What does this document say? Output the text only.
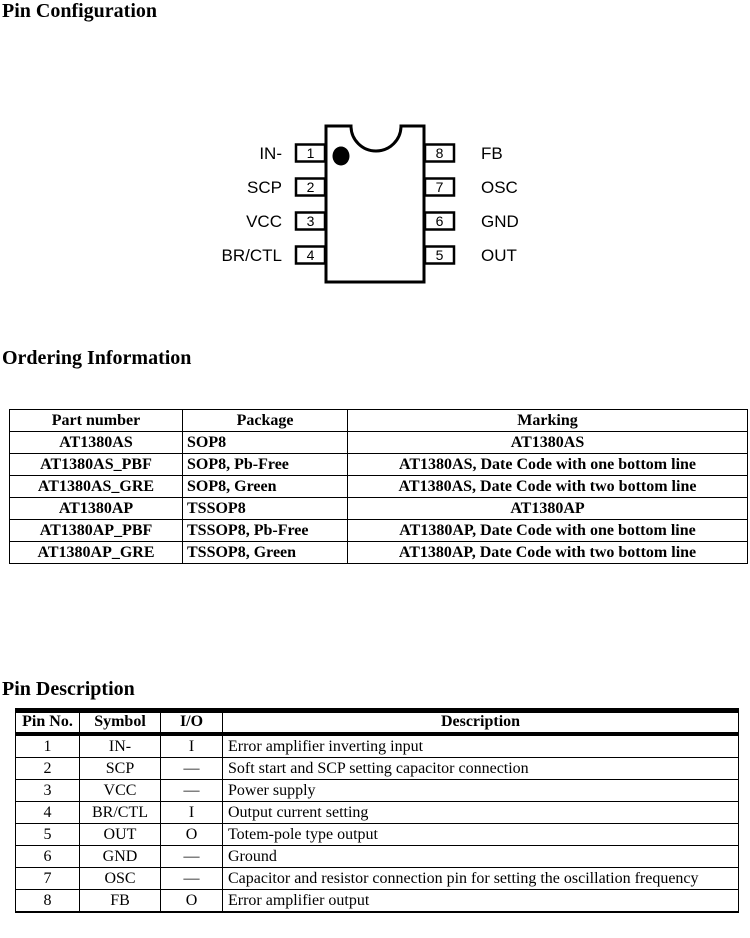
Pin Configuration
1
2
3
4
8
7
6
5
IN-
SCP
VCC
BR/CTL
FB
OSC
GND
OUT
Ordering Information
Part number	Package	Marking
AT1380AS	SOP8	AT1380AS
AT1380AS_PBF	SOP8, Pb-Free	AT1380AS, Date Code with one bottom line
AT1380AS_GRE	SOP8, Green	AT1380AS, Date Code with two bottom line
AT1380AP	TSSOP8	AT1380AP
AT1380AP_PBF	TSSOP8, Pb-Free	AT1380AP, Date Code with one bottom line
AT1380AP_GRE	TSSOP8, Green	AT1380AP, Date Code with two bottom line
Pin Description
Pin No.	Symbol	I/O	Description
1	IN-	I	Error amplifier inverting input
2	SCP	—	Soft start and SCP setting capacitor connection
3	VCC	—	Power supply
4	BR/CTL	I	Output current setting
5	OUT	O	Totem-pole type output
6	GND	—	Ground
7	OSC	—	Capacitor and resistor connection pin for setting the oscillation frequency
8	FB	O	Error amplifier output
